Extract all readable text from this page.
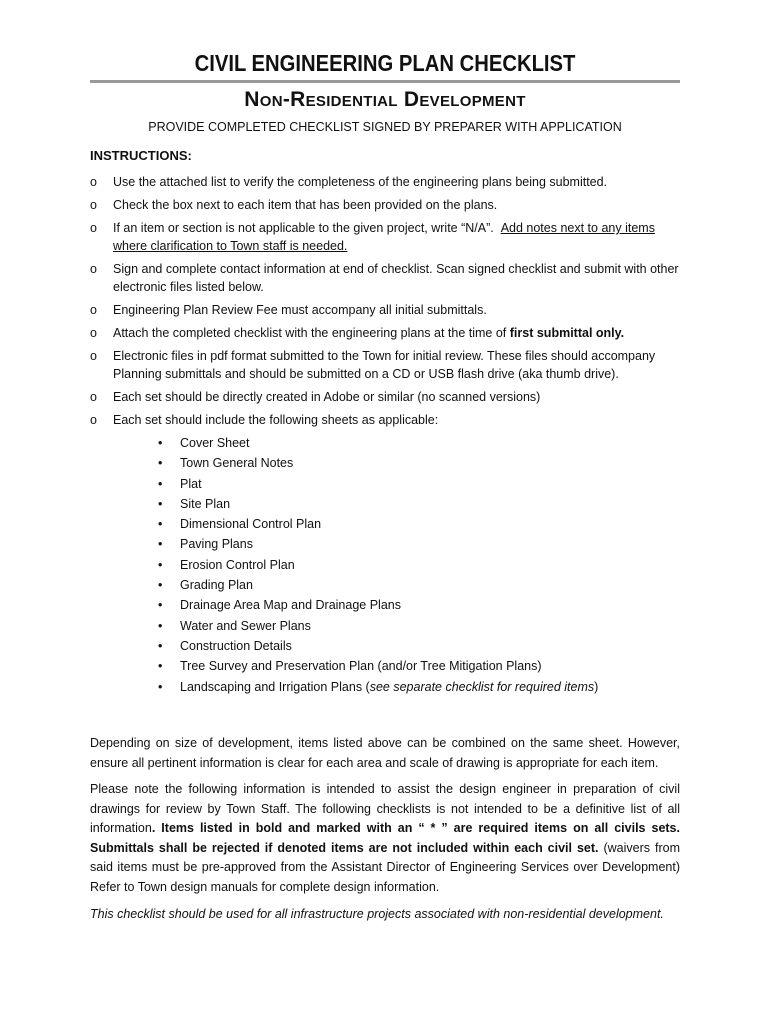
CIVIL ENGINEERING PLAN CHECKLIST
Non-Residential Development

PROVIDE COMPLETED CHECKLIST SIGNED BY PREPARER WITH APPLICATION

INSTRUCTIONS:

o Use the attached list to verify the completeness of the engineering plans being submitted.
o Check the box next to each item that has been provided on the plans.
o If an item or section is not applicable to the given project, write “N/A”. Add notes next to any items where clarification to Town staff is needed.
o Sign and complete contact information at end of checklist. Scan signed checklist and submit with other electronic files listed below.
o Engineering Plan Review Fee must accompany all initial submittals.
o Attach the completed checklist with the engineering plans at the time of first submittal only.
o Electronic files in pdf format submitted to the Town for initial review. These files should accompany Planning submittals and should be submitted on a CD or USB flash drive (aka thumb drive).
o Each set should be directly created in Adobe or similar (no scanned versions)
o Each set should include the following sheets as applicable:
• Cover Sheet
• Town General Notes
• Plat
• Site Plan
• Dimensional Control Plan
• Paving Plans
• Erosion Control Plan
• Grading Plan
• Drainage Area Map and Drainage Plans
• Water and Sewer Plans
• Construction Details
• Tree Survey and Preservation Plan (and/or Tree Mitigation Plans)
• Landscaping and Irrigation Plans (see separate checklist for required items)

Depending on size of development, items listed above can be combined on the same sheet. However, ensure all pertinent information is clear for each area and scale of drawing is appropriate for each item.

Please note the following information is intended to assist the design engineer in preparation of civil drawings for review by Town Staff. The following checklists is not intended to be a definitive list of all information. Items listed in bold and marked with an “ * ” are required items on all civils sets. Submittals shall be rejected if denoted items are not included within each civil set. (waivers from said items must be pre-approved from the Assistant Director of Engineering Services over Development) Refer to Town design manuals for complete design information.

This checklist should be used for all infrastructure projects associated with non-residential development.
